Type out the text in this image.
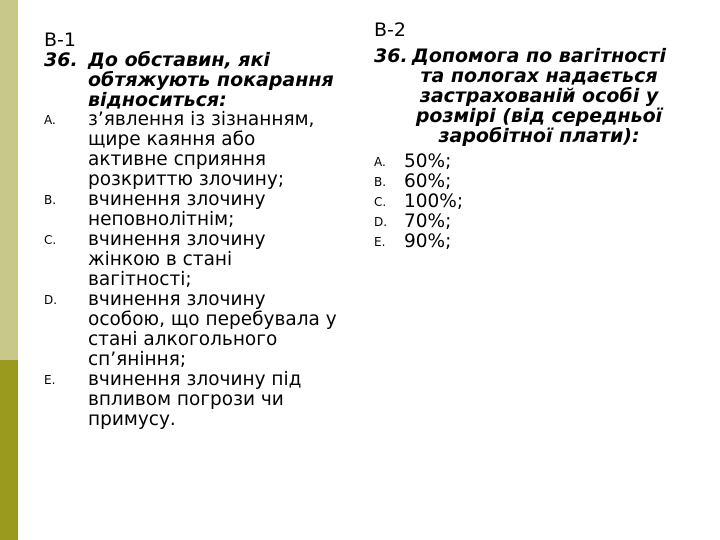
В-1
36. До обставин, які обтяжують покарання відноситься:
A. з’явлення із зізнанням, щире каяння або активне сприяння розкриттю злочину;
B. вчинення злочину неповнолітнім;
C. вчинення злочину жінкою в стані вагітності;
D. вчинення злочину особою, що перебувала у стані алкогольного сп’яніння;
E. вчинення злочину під впливом погрози чи примусу.
В-2
36. Допомога по вагітності та пологах надається застрахованій особі у розмірі (від середньої заробітної плати):
A. 50%;
B. 60%;
C. 100%;
D. 70%;
E. 90%;
